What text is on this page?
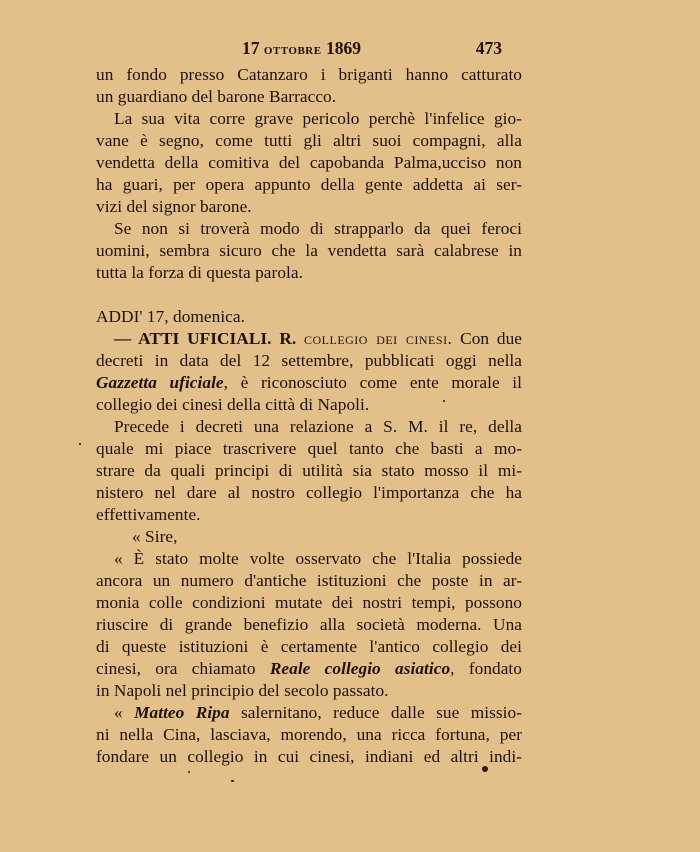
17 ottobre 1869	473
un fondo presso Catanzaro i briganti hanno catturato
un guardiano del barone Barracco.
La sua vita corre grave pericolo perchè l'infelice gio-
vane è segno, come tutti gli altri suoi compagni, alla
vendetta della comitiva del capobanda Palma,ucciso non
ha guari, per opera appunto della gente addetta ai ser-
vizi del signor barone.
Se non si troverà modo di strapparlo da quei feroci
uomini, sembra sicuro che la vendetta sarà calabrese in
tutta la forza di questa parola.
ADDI' 17, domenica.
— ATTI UFICIALI. R. collegio dei cinesi. Con due
decreti in data del 12 settembre, pubblicati oggi nella
Gazzetta uficiale, è riconosciuto come ente morale il
collegio dei cinesi della città di Napoli.
Precede i decreti una relazione a S. M. il re, della
quale mi piace trascrivere quel tanto che basti a mo-
strare da quali principi di utilità sia stato mosso il mi-
nistero nel dare al nostro collegio l'importanza che ha
effettivamente.
« Sire,
« È stato molte volte osservato che l'Italia possiede
ancora un numero d'antiche istituzioni che poste in ar-
monia colle condizioni mutate dei nostri tempi, possono
riuscire di grande benefizio alla società moderna. Una
di queste istituzioni è certamente l'antico collegio dei
cinesi, ora chiamato Reale collegio asiatico, fondato
in Napoli nel principio del secolo passato.
« Matteo Ripa salernitano, reduce dalle sue missio-
ni nella Cina, lasciava, morendo, una ricca fortuna, per
fondare un collegio in cui cinesi, indiani ed altri indi-
